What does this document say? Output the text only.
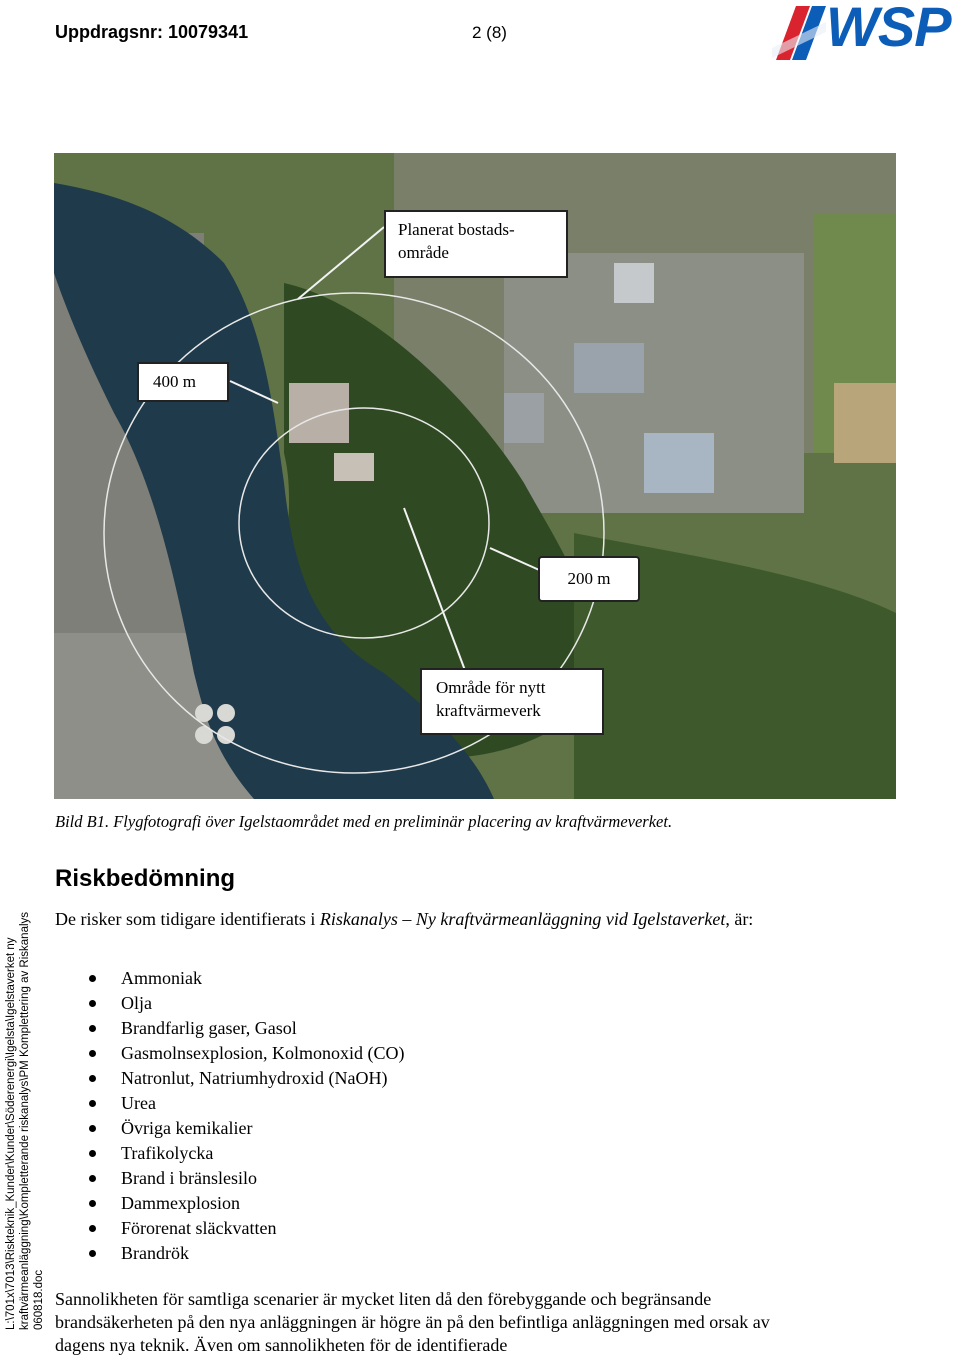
Uppdragsnr: 10079341	2 (8)	WSP
Planerat bostads-område
400 m
200 m
Område för nytt kraftvärmeverk
Bild B1. Flygfotografi över Igelstaområdet med en preliminär placering av kraftvärmeverket.
Riskbedömning
De risker som tidigare identifierats i Riskanalys – Ny kraftvärmeanläggning vid Igelstaverket, är:
Ammoniak
Olja
Brandfarlig gaser, Gasol
Gasmolnsexplosion, Kolmonoxid (CO)
Natronlut, Natriumhydroxid (NaOH)
Urea
Övriga kemikalier
Trafikolycka
Brand i bränslesilo
Dammexplosion
Förorenat släckvatten
Brandrök
Sannolikheten för samtliga scenarier är mycket liten då den förebyggande och begränsande brandsäkerheten på den nya anläggningen är högre än på den befintliga anläggningen med orsak av dagens nya teknik. Även om sannolikheten för de identifierade
L:\701x\7013\Riskteknik_Kunder\Kunder\Söderenergi\Igelsta\Igelstaverket ny kraftvärmeanläggning\Kompletterande riskanalys\PM Komplettering av Riskanalys 060818.doc
